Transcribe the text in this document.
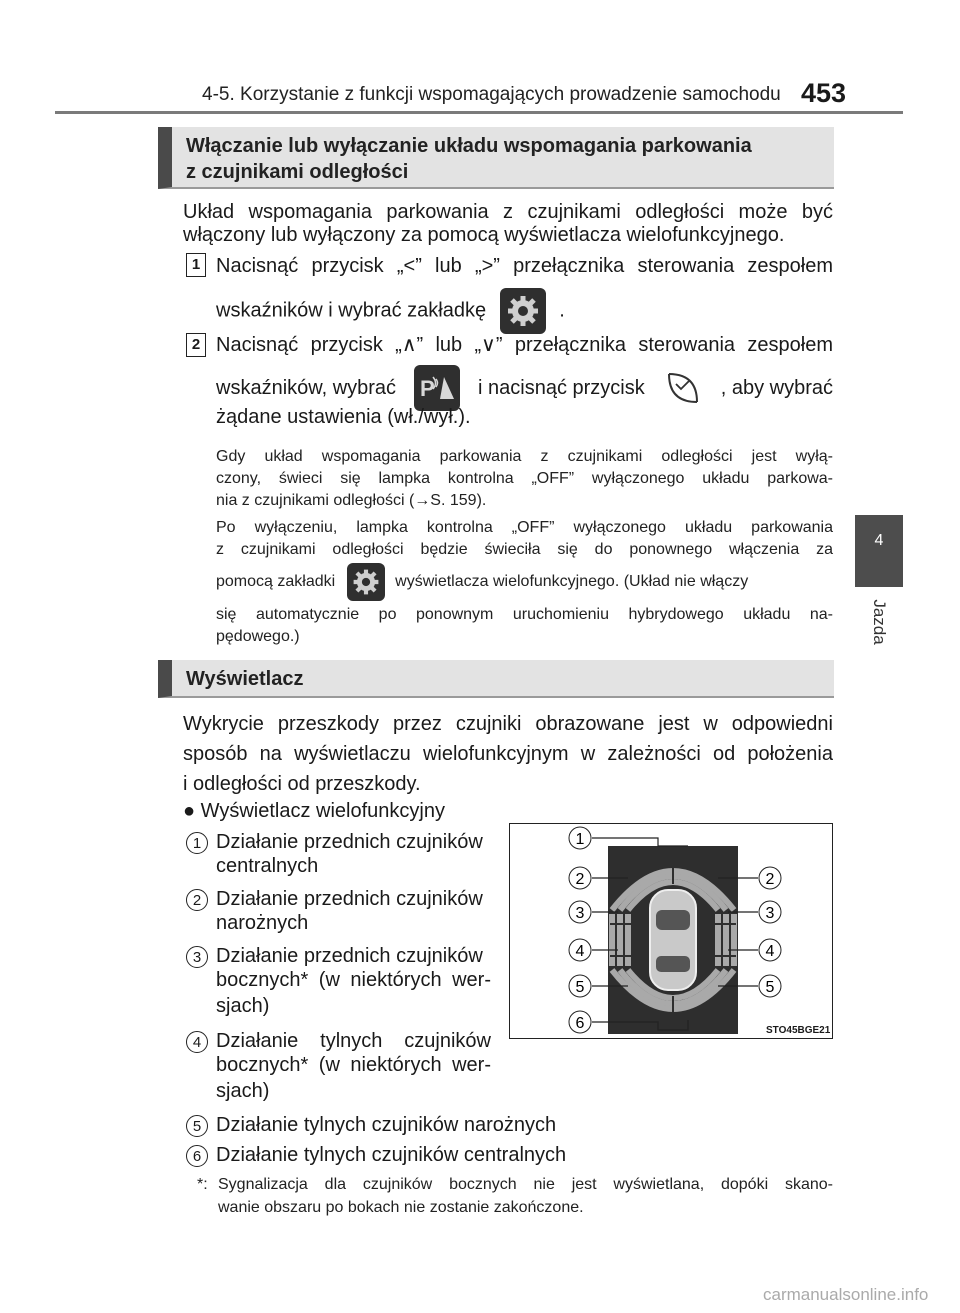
4-5. Korzystanie z funkcji wspomagających prowadzenie samochodu 453
4
Jazda
Włączanie lub wyłączanie układu wspomagania parkowania
z czujnikami odległości
Układ wspomagania parkowania z czujnikami odległości może być
włączony lub wyłączony za pomocą wyświetlacza wielofunkcyjnego.
1 Nacisnąć przycisk „<” lub „>” przełącznika sterowania zespołem
wskaźników i wybrać zakładkę	.
2 Nacisnąć przycisk „∧” lub „∨” przełącznika sterowania zespołem
wskaźników, wybrać P i nacisnąć przycisk	, aby wybrać
żądane ustawienia (wł./wył.).
Gdy układ wspomagania parkowania z czujnikami odległości jest wyłą-
czony, świeci się lampka kontrolna „OFF” wyłączonego układu parkowa-
nia z czujnikami odległości (→S. 159).
Po wyłączeniu, lampka kontrolna „OFF” wyłączonego układu parkowania
z czujnikami odległości będzie świeciła się do ponownego włączenia za
pomocą zakładki	wyświetlacza wielofunkcyjnego. (Układ nie włączy
się automatycznie po ponownym uruchomieniu hybrydowego układu na-
pędowego.)
Wyświetlacz
Wykrycie przeszkody przez czujniki obrazowane jest w odpowiedni
sposób na wyświetlaczu wielofunkcyjnym w zależności od położenia
i odległości od przeszkody.
● Wyświetlacz wielofunkcyjny
1 Działanie przednich czujników
centralnych
2 Działanie przednich czujników
narożnych
3 Działanie przednich czujników
bocznych* (w niektórych wer-
sjach)
4 Działanie tylnych czujników
bocznych* (w niektórych wer-
sjach)
5 Działanie tylnych czujników narożnych
6 Działanie tylnych czujników centralnych
*: Sygnalizacja dla czujników bocznych nie jest wyświetlana, dopóki skano-
wanie obszaru po bokach nie zostanie zakończone.
1
2
3
4
5
6
2
3
4
5
STO45BGE21
carmanualsonline.info
